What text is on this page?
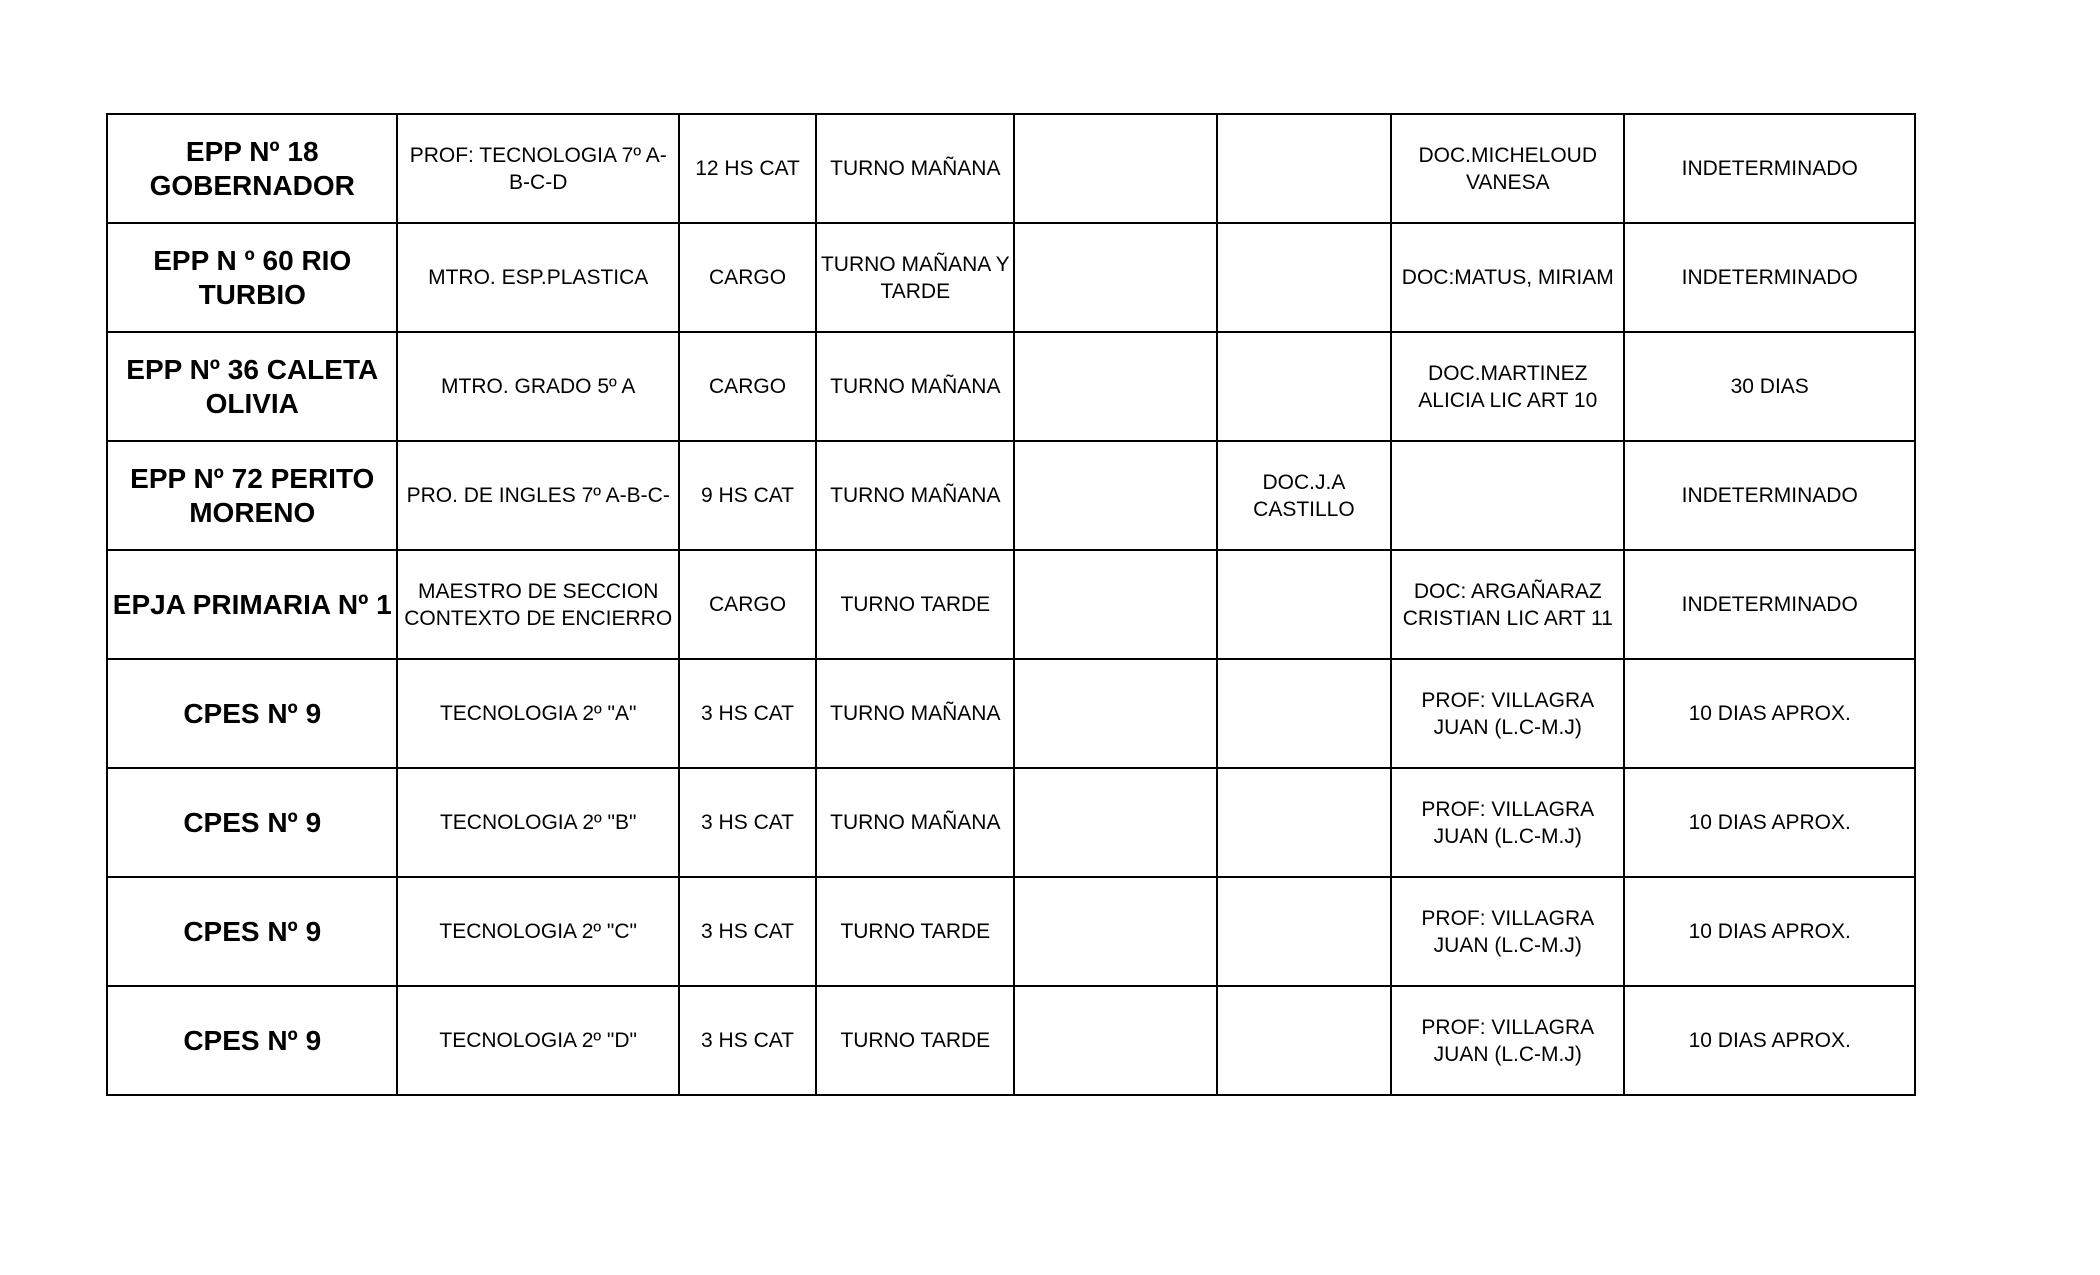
EPP Nº 18 GOBERNADOR	PROF: TECNOLOGIA 7º A-B-C-D	12 HS CAT	TURNO MAÑANA			DOC.MICHELOUD VANESA	INDETERMINADO
EPP N º 60 RIO TURBIO	MTRO. ESP.PLASTICA	CARGO	TURNO MAÑANA Y TARDE			DOC:MATUS, MIRIAM	INDETERMINADO
EPP Nº 36 CALETA OLIVIA	MTRO. GRADO 5º A	CARGO	TURNO MAÑANA			DOC.MARTINEZ ALICIA LIC ART 10	30 DIAS
EPP Nº 72 PERITO MORENO	PRO. DE INGLES 7º A-B-C-	9 HS CAT	TURNO MAÑANA		DOC.J.A CASTILLO		INDETERMINADO
EPJA PRIMARIA Nº 1	MAESTRO DE SECCION CONTEXTO DE ENCIERRO	CARGO	TURNO TARDE			DOC: ARGAÑARAZ CRISTIAN LIC ART 11	INDETERMINADO
CPES Nº 9	TECNOLOGIA 2º "A"	3 HS CAT	TURNO MAÑANA			PROF: VILLAGRA JUAN (L.C-M.J)	10 DIAS APROX.
CPES Nº 9	TECNOLOGIA 2º "B"	3 HS CAT	TURNO MAÑANA			PROF: VILLAGRA JUAN (L.C-M.J)	10 DIAS APROX.
CPES Nº 9	TECNOLOGIA 2º "C"	3 HS CAT	TURNO TARDE			PROF: VILLAGRA JUAN (L.C-M.J)	10 DIAS APROX.
CPES Nº 9	TECNOLOGIA 2º "D"	3 HS CAT	TURNO TARDE			PROF: VILLAGRA JUAN (L.C-M.J)	10 DIAS APROX.
